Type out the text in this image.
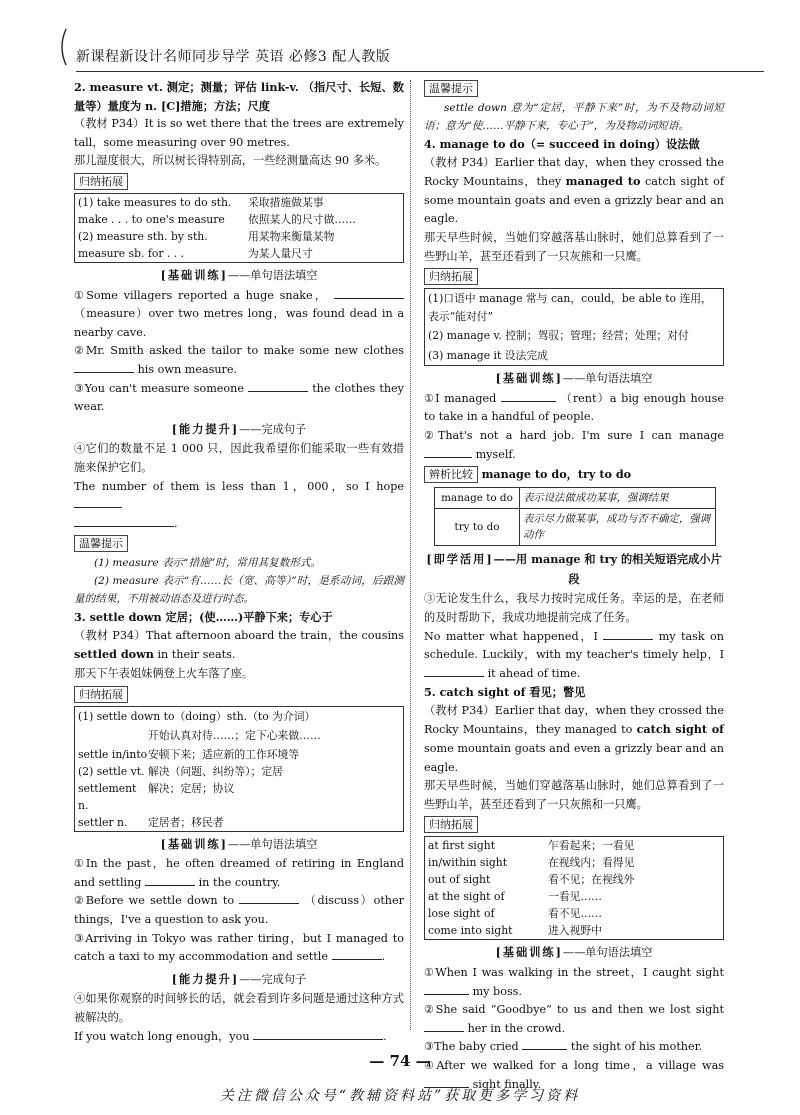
新课程新设计名师同步导学 英语 必修3 配人教版

2. measure vt. 测定；测量；评估 link-v. （指尺寸、长短、数量等）量度为 n. [C]措施；方法；尺度

（教材 P34）It is so wet there that the trees are extremely tall，some measuring over 90 metres.

那儿湿度很大，所以树长得特别高，一些经测量高达 90 多米。

归纳拓展
(1) take measures to do sth.	采取措施做某事
make . . . to one's measure	依照某人的尺寸做……
(2) measure sth. by sth.	用某物来衡量某物
measure sb. for . . .	为某人量尺寸
[基础训练]——单句语法填空

①Some villagers reported a huge snake，  （measure）over two metres long，was found dead in a nearby cave.

②Mr. Smith asked the tailor to make some new clothes  his own measure.

③You can't measure someone	the clothes they wear.

[能力提升]——完成句子

④它们的数量不足 1 000 只，因此我希望你们能采取一些有效措施来保护它们。

The number of them is less than 1，000，so I hope
.

温馨提示

(1) measure 表示“措施”时，常用其复数形式。

(2) measure 表示“有……长（宽、高等）”时，是系动词，后跟测量的结果，不用被动语态及进行时态。

3. settle down 定居；(使……)平静下来；专心于

（教材 P34）That afternoon aboard the train，the cousins settled down in their seats.

那天下午表姐妹俩登上火车落了座。

归纳拓展
(1) settle down to（doing）sth.（to 为介词）
开始认真对待……；定下心来做……
settle in/into 安顿下来；适应新的工作环境等
(2) settle vt. 解决（问题、纠纷等）；定居
settlement n.
解决；定居；协议
settler n.	定居者；移民者
[基础训练]——单句语法填空

①In the past，he often dreamed of retiring in England and settling	in the country.

②Before we settle down to	（discuss）other things，I've a question to ask you.

③Arriving in Tokyo was rather tiring，but I managed to catch a taxi to my accommodation and settle	.

[能力提升]——完成句子

④如果你观察的时间够长的话，就会看到许多问题是通过这种方式被解决的。

If you watch long enough，you	.

温馨提示

settle down 意为“定居，平静下来”时，为不及物动词短语；意为“使……平静下来，专心于”，为及物动词短语。

4. manage to do（= succeed in doing）设法做

（教材 P34）Earlier that day，when they crossed the Rocky Mountains，they managed to catch sight of some mountain goats and even a grizzly bear and an eagle.

那天早些时候，当她们穿越落基山脉时，她们总算看到了一些野山羊，甚至还看到了一只灰熊和一只鹰。

归纳拓展
(1)口语中 manage 常与 can，could，be able to 连用，表示“能对付”
(2) manage v. 控制；驾驭；管理；经营；处理；对付
(3) manage it 设法完成
[基础训练]——单句语法填空

①I managed	（rent）a big enough house to take in a handful of people.

②That's not a hard job. I'm sure I can manage  myself.

辨析比较 manage to do，try to do
manage to do	表示设法做成功某事，强调结果
try to do	表示尽力做某事，成功与否不确定，强调动作
[即学活用]——用 manage 和 try 的相关短语完成小片段

③无论发生什么，我尽力按时完成任务。幸运的是，在老师的及时帮助下，我成功地提前完成了任务。

No matter what happened，I	my task on schedule. Luckily，with my teacher's timely help，I  it ahead of time.

5. catch sight of 看见；瞥见

（教材 P34）Earlier that day，when they crossed the Rocky Mountains，they managed to catch sight of some mountain goats and even a grizzly bear and an eagle.

那天早些时候，当她们穿越落基山脉时，她们总算看到了一些野山羊，甚至还看到了一只灰熊和一只鹰。

归纳拓展
at first sight	乍看起来；一看见
in/within sight	在视线内；看得见
out of sight	看不见；在视线外
at the sight of	一看见……
lose sight of	看不见……
come into sight	进入视野中
[基础训练]——单句语法填空

①When I was walking in the street，I caught sight  my boss.

②She said “Goodbye” to us and then we lost sight  her in the crowd.

③The baby cried	the sight of his mother.

④After we walked for a long time，a village was  sight finally.

— 74 —
关注微信公众号“教辅资料站”获取更多学习资料
